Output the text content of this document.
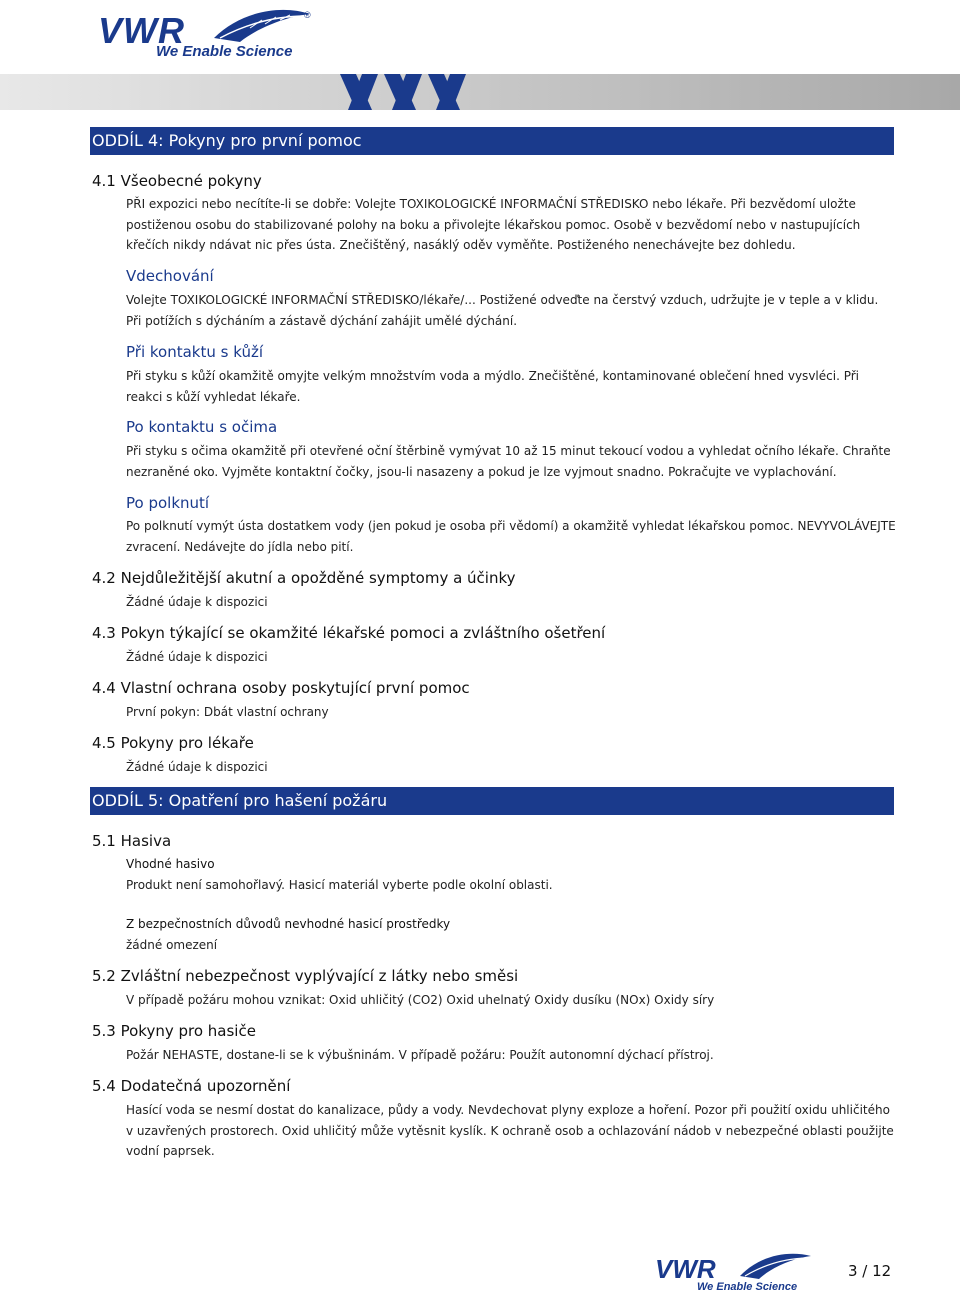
VWR	®
We Enable Science
ODDÍL 4: Pokyny pro první pomoc
4.1 Všeobecné pokyny
PŘI expozici nebo necítíte-li se dobře: Volejte TOXIKOLOGICKÉ INFORMAČNÍ STŘEDISKO nebo lékaře. Při bezvědomí uložte postiženou osobu do stabilizované polohy na boku a přivolejte lékařskou pomoc. Osobě v bezvědomí nebo v nastupujících křečích nikdy ndávat nic přes ústa. Znečištěný, nasáklý oděv vyměňte. Postiženého nenechávejte bez dohledu.
Vdechování
Volejte TOXIKOLOGICKÉ INFORMAČNÍ STŘEDISKO/lékaře/... Postižené odveďte na čerstvý vzduch, udržujte je v teple a v klidu. Při potížích s dýcháním a zástavě dýchání zahájit umělé dýchání.
Při kontaktu s kůží
Při styku s kůží okamžitě omyjte velkým množstvím voda a mýdlo. Znečištěné, kontaminované oblečení hned vysvléci. Při reakci s kůží vyhledat lékaře.
Po kontaktu s očima
Při styku s očima okamžitě při otevřené oční štěrbině vymývat 10 až 15 minut tekoucí vodou a vyhledat očního lékaře. Chraňte nezraněné oko. Vyjměte kontaktní čočky, jsou-li nasazeny a pokud je lze vyjmout snadno. Pokračujte ve vyplachování.
Po polknutí
Po polknutí vymýt ústa dostatkem vody (jen pokud je osoba při vědomí) a okamžitě vyhledat lékařskou pomoc. NEVYVOLÁVEJTE zvracení. Nedávejte do jídla nebo pití.
4.2 Nejdůležitější akutní a opožděné symptomy a účinky
Žádné údaje k dispozici
4.3 Pokyn týkající se okamžité lékařské pomoci a zvláštního ošetření
Žádné údaje k dispozici
4.4 Vlastní ochrana osoby poskytující první pomoc
První pokyn: Dbát vlastní ochrany
4.5 Pokyny pro lékaře
Žádné údaje k dispozici
ODDÍL 5: Opatření pro hašení požáru
5.1 Hasiva
Vhodné hasivo
Produkt není samohořlavý. Hasicí materiál vyberte podle okolní oblasti.
Z bezpečnostních důvodů nevhodné hasicí prostředky
žádné omezení
5.2 Zvláštní nebezpečnost vyplývající z látky nebo směsi
V případě požáru mohou vznikat: Oxid uhličitý (CO2) Oxid uhelnatý Oxidy dusíku (NOx) Oxidy síry
5.3 Pokyny pro hasiče
Požár NEHASTE, dostane-li se k výbušninám. V případě požáru: Použít autonomní dýchací přístroj.
5.4 Dodatečná upozornění
Hasící voda se nesmí dostat do kanalizace, půdy a vody. Nevdechovat plyny exploze a hoření. Pozor při použití oxidu uhličitého v uzavřených prostorech. Oxid uhličitý může vytěsnit kyslík. K ochraně osob a ochlazování nádob v nebezpečné oblasti použijte vodní paprsek.
VWR
We Enable Science
3 / 12
